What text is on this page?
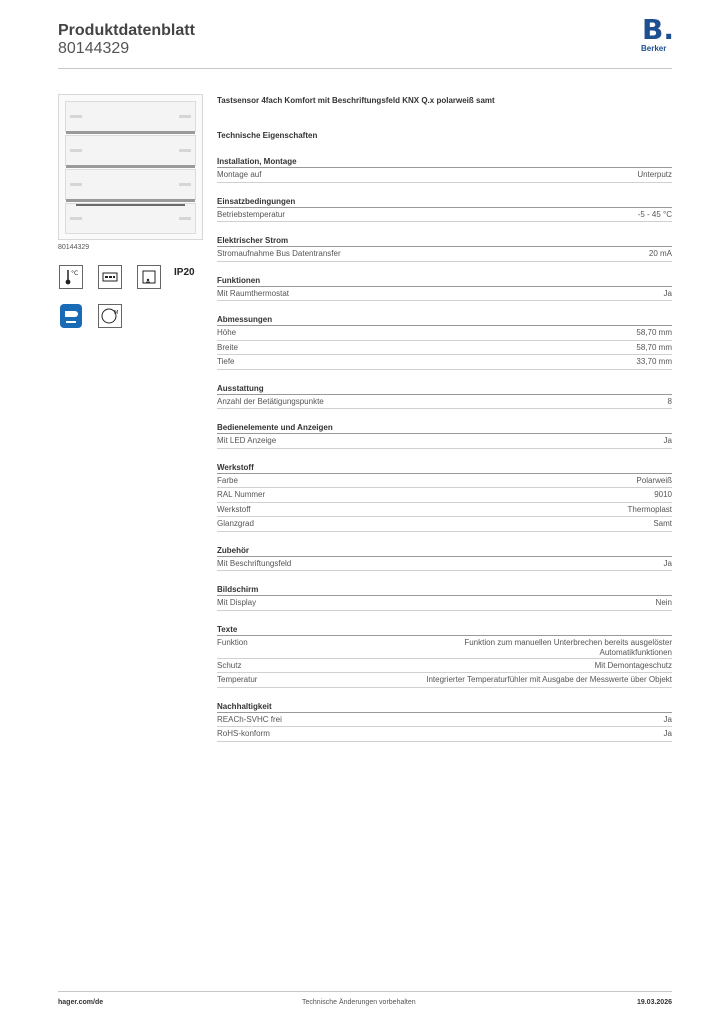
Produktdatenblatt
80144329
B.
Berker
80144329
°C	IP20
M
Tastsensor 4fach Komfort mit Beschriftungsfeld KNX Q.x polarweiß samt
Technische Eigenschaften
Installation, Montage
Montage auf	Unterputz
Einsatzbedingungen
Betriebstemperatur	-5 - 45 °C
Elektrischer Strom
Stromaufnahme Bus Datentransfer	20 mA
Funktionen
Mit Raumthermostat	Ja
Abmessungen
Höhe	58,70 mm
Breite	58,70 mm
Tiefe	33,70 mm
Ausstattung
Anzahl der Betätigungspunkte	8
Bedienelemente und Anzeigen
Mit LED Anzeige	Ja
Werkstoff
Farbe	Polarweiß
RAL Nummer	9010
Werkstoff	Thermoplast
Glanzgrad	Samt
Zubehör
Mit Beschriftungsfeld	Ja
Bildschirm
Mit Display	Nein
Texte
Funktion	Funktion zum manuellen Unterbrechen bereits ausgelöster Automatikfunktionen
Schutz	Mit Demontageschutz
Temperatur	Integrierter Temperaturfühler mit Ausgabe der Messwerte über Objekt
Nachhaltigkeit
REACh-SVHC frei	Ja
RoHS-konform	Ja
hager.com/de	Technische Änderungen vorbehalten	19.03.2026
